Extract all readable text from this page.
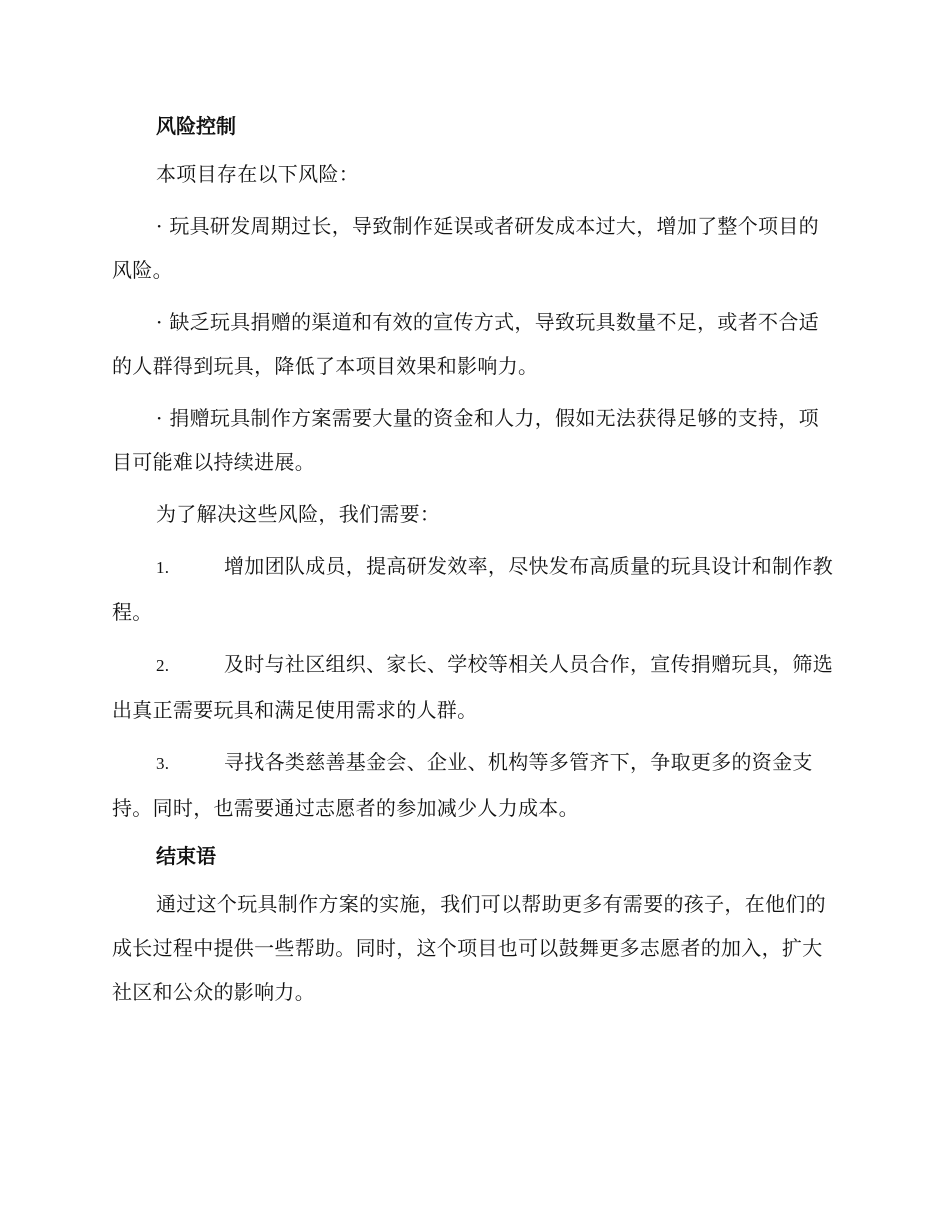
风险控制

本项目存在以下风险：

· 玩具研发周期过长，导致制作延误或者研发成本过大，增加了整个项目的风险。

· 缺乏玩具捐赠的渠道和有效的宣传方式，导致玩具数量不足，或者不合适的人群得到玩具，降低了本项目效果和影响力。

· 捐赠玩具制作方案需要大量的资金和人力，假如无法获得足够的支持，项目可能难以持续进展。

为了解决这些风险，我们需要：

1.	增加团队成员，提高研发效率，尽快发布高质量的玩具设计和制作教程。

2.	及时与社区组织、家长、学校等相关人员合作，宣传捐赠玩具，筛选出真正需要玩具和满足使用需求的人群。

3.	寻找各类慈善基金会、企业、机构等多管齐下，争取更多的资金支持。同时，也需要通过志愿者的参加减少人力成本。

结束语

通过这个玩具制作方案的实施，我们可以帮助更多有需要的孩子，在他们的成长过程中提供一些帮助。同时，这个项目也可以鼓舞更多志愿者的加入，扩大社区和公众的影响力。
